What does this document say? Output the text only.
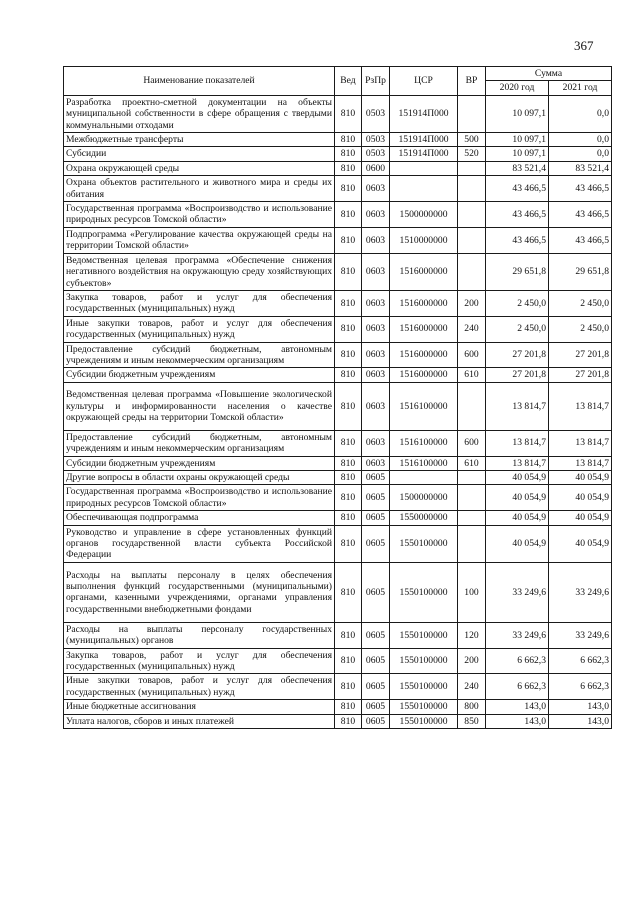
367
Наименование показателей	Вед	РзПр	ЦСР	ВР	Сумма	
					2020 год	2021 год
Разработка проектно-сметной документации на объекты муниципальной собственности в сфере обращения с твердыми коммунальными отходами	810	0503	151914П000		10 097,1	0,0
Межбюджетные трансферты	810	0503	151914П000	500	10 097,1	0,0
Субсидии	810	0503	151914П000	520	10 097,1	0,0
Охрана окружающей среды	810	0600			83 521,4	83 521,4
Охрана объектов растительного и животного мира и среды их обитания	810	0603			43 466,5	43 466,5
Государственная программа «Воспроизводство и использование природных ресурсов Томской области»	810	0603	1500000000		43 466,5	43 466,5
Подпрограмма «Регулирование качества окружающей среды на территории Томской области»	810	0603	1510000000		43 466,5	43 466,5
Ведомственная целевая программа «Обеспечение снижения негативного воздействия на окружающую среду хозяйствующих субъектов»	810	0603	1516000000		29 651,8	29 651,8
Закупка товаров, работ и услуг для обеспечения государственных (муниципальных) нужд	810	0603	1516000000	200	2 450,0	2 450,0
Иные закупки товаров, работ и услуг для обеспечения государственных (муниципальных) нужд	810	0603	1516000000	240	2 450,0	2 450,0
Предоставление субсидий бюджетным, автономным учреждениям и иным некоммерческим организациям	810	0603	1516000000	600	27 201,8	27 201,8
Субсидии бюджетным учреждениям	810	0603	1516000000	610	27 201,8	27 201,8
Ведомственная целевая программа «Повышение экологической культуры и информированности населения о качестве окружающей среды на территории Томской области»	810	0603	1516100000		13 814,7	13 814,7
Предоставление субсидий бюджетным, автономным учреждениям и иным некоммерческим организациям	810	0603	1516100000	600	13 814,7	13 814,7
Субсидии бюджетным учреждениям	810	0603	1516100000	610	13 814,7	13 814,7
Другие вопросы в области охраны окружающей среды	810	0605			40 054,9	40 054,9
Государственная программа «Воспроизводство и использование природных ресурсов Томской области»	810	0605	1500000000		40 054,9	40 054,9
Обеспечивающая подпрограмма	810	0605	1550000000		40 054,9	40 054,9
Руководство и управление в сфере установленных функций органов государственной власти субъекта Российской Федерации	810	0605	1550100000		40 054,9	40 054,9
Расходы на выплаты персоналу в целях обеспечения выполнения функций государственными (муниципальными) органами, казенными учреждениями, органами управления государственными внебюджетными фондами	810	0605	1550100000	100	33 249,6	33 249,6
Расходы на выплаты персоналу государственных (муниципальных) органов	810	0605	1550100000	120	33 249,6	33 249,6
Закупка товаров, работ и услуг для обеспечения государственных (муниципальных) нужд	810	0605	1550100000	200	6 662,3	6 662,3
Иные закупки товаров, работ и услуг для обеспечения государственных (муниципальных) нужд	810	0605	1550100000	240	6 662,3	6 662,3
Иные бюджетные ассигнования	810	0605	1550100000	800	143,0	143,0
Уплата налогов, сборов и иных платежей	810	0605	1550100000	850	143,0	143,0
